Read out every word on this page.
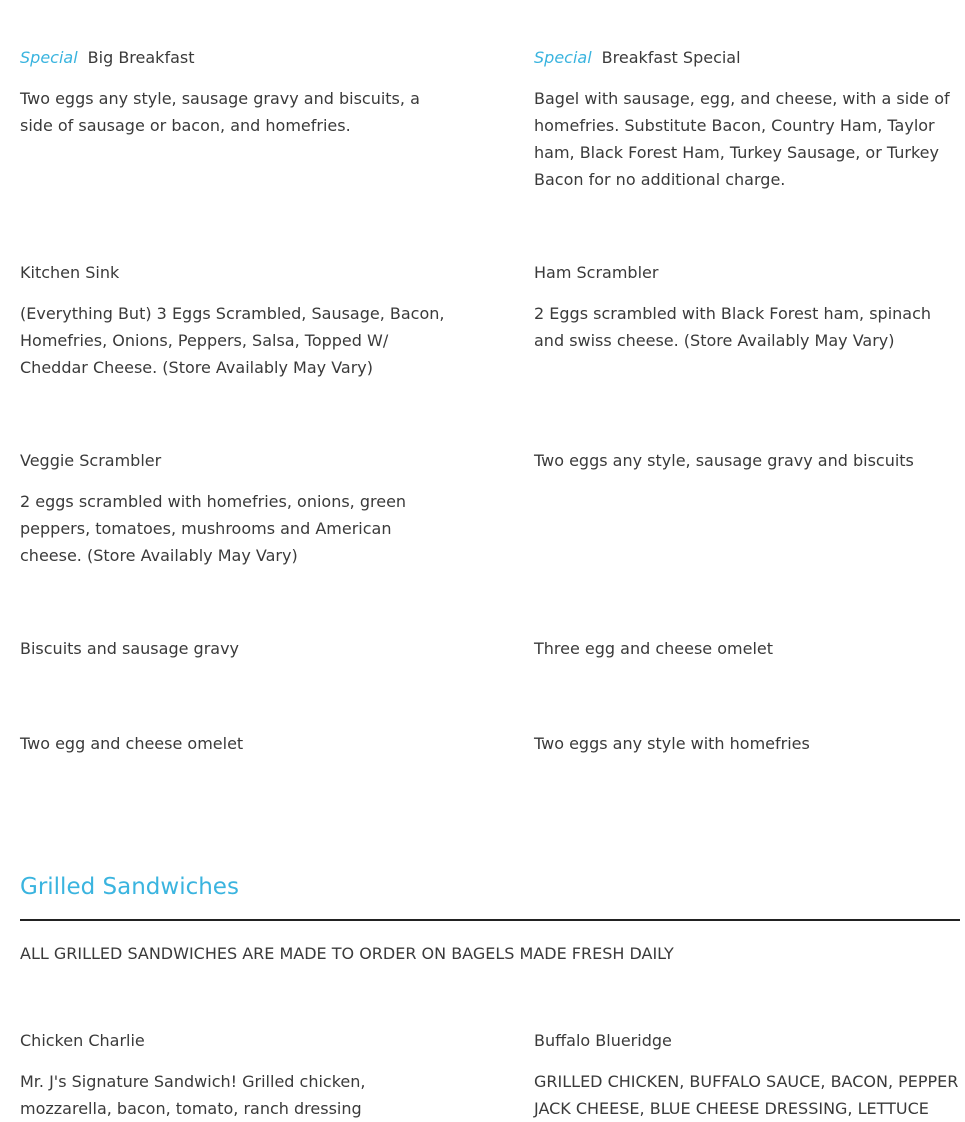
Special Big Breakfast

Two eggs any style, sausage gravy and biscuits, a side of sausage or bacon, and homefries.

Special Breakfast Special

Bagel with sausage, egg, and cheese, with a side of homefries. Substitute Bacon, Country Ham, Taylor ham, Black Forest Ham, Turkey Sausage, or Turkey Bacon for no additional charge.

Kitchen Sink

(Everything But) 3 Eggs Scrambled, Sausage, Bacon, Homefries, Onions, Peppers, Salsa, Topped W/ Cheddar Cheese. (Store Availably May Vary)

Ham Scrambler

2 Eggs scrambled with Black Forest ham, spinach and swiss cheese. (Store Availably May Vary)

Veggie Scrambler

2 eggs scrambled with homefries, onions, green peppers, tomatoes, mushrooms and American cheese. (Store Availably May Vary)

Two eggs any style, sausage gravy and biscuits

Biscuits and sausage gravy	Three egg and cheese omelet

Two egg and cheese omelet	Two eggs any style with homefries

Grilled Sandwiches

ALL GRILLED SANDWICHES ARE MADE TO ORDER ON BAGELS MADE FRESH DAILY

Chicken Charlie

Mr. J's Signature Sandwich! Grilled chicken, mozzarella, bacon, tomato, ranch dressing

Buffalo Blueridge

GRILLED CHICKEN, BUFFALO SAUCE, BACON, PEPPER JACK CHEESE, BLUE CHEESE DRESSING, LETTUCE
